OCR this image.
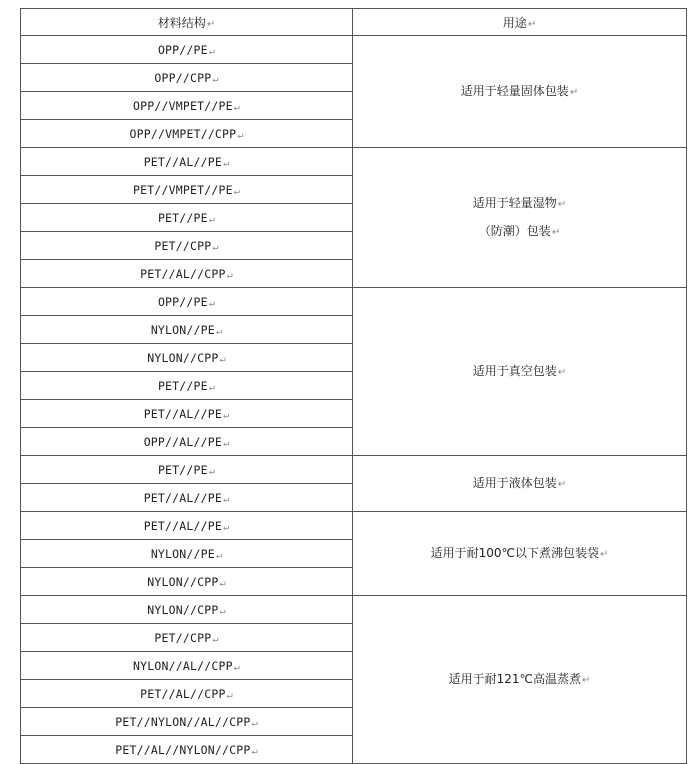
材料结构↵	用途↵
OPP//PE↵	适用于轻量固体包装↵

OPP//CPP↵	
OPP//VMPET//PE↵	
OPP//VMPET//CPP↵	
PET//AL//PE↵	适用于轻量湿物↵
（防潮）包装↵

PET//VMPET//PE↵	
PET//PE↵	
PET//CPP↵	
PET//AL//CPP↵	
OPP//PE↵	适用于真空包装↵

NYLON//PE↵	
NYLON//CPP↵	
PET//PE↵	
PET//AL//PE↵	
OPP//AL//PE↵	
PET//PE↵	适用于液体包装↵

PET//AL//PE↵	
PET//AL//PE↵	适用于耐100℃以下煮沸包装袋↵

NYLON//PE↵	
NYLON//CPP↵	
NYLON//CPP↵	适用于耐121℃高温蒸煮↵

PET//CPP↵	
NYLON//AL//CPP↵	
PET//AL//CPP↵	
PET//NYLON//AL//CPP↵	
PET//AL//NYLON//CPP↵	
